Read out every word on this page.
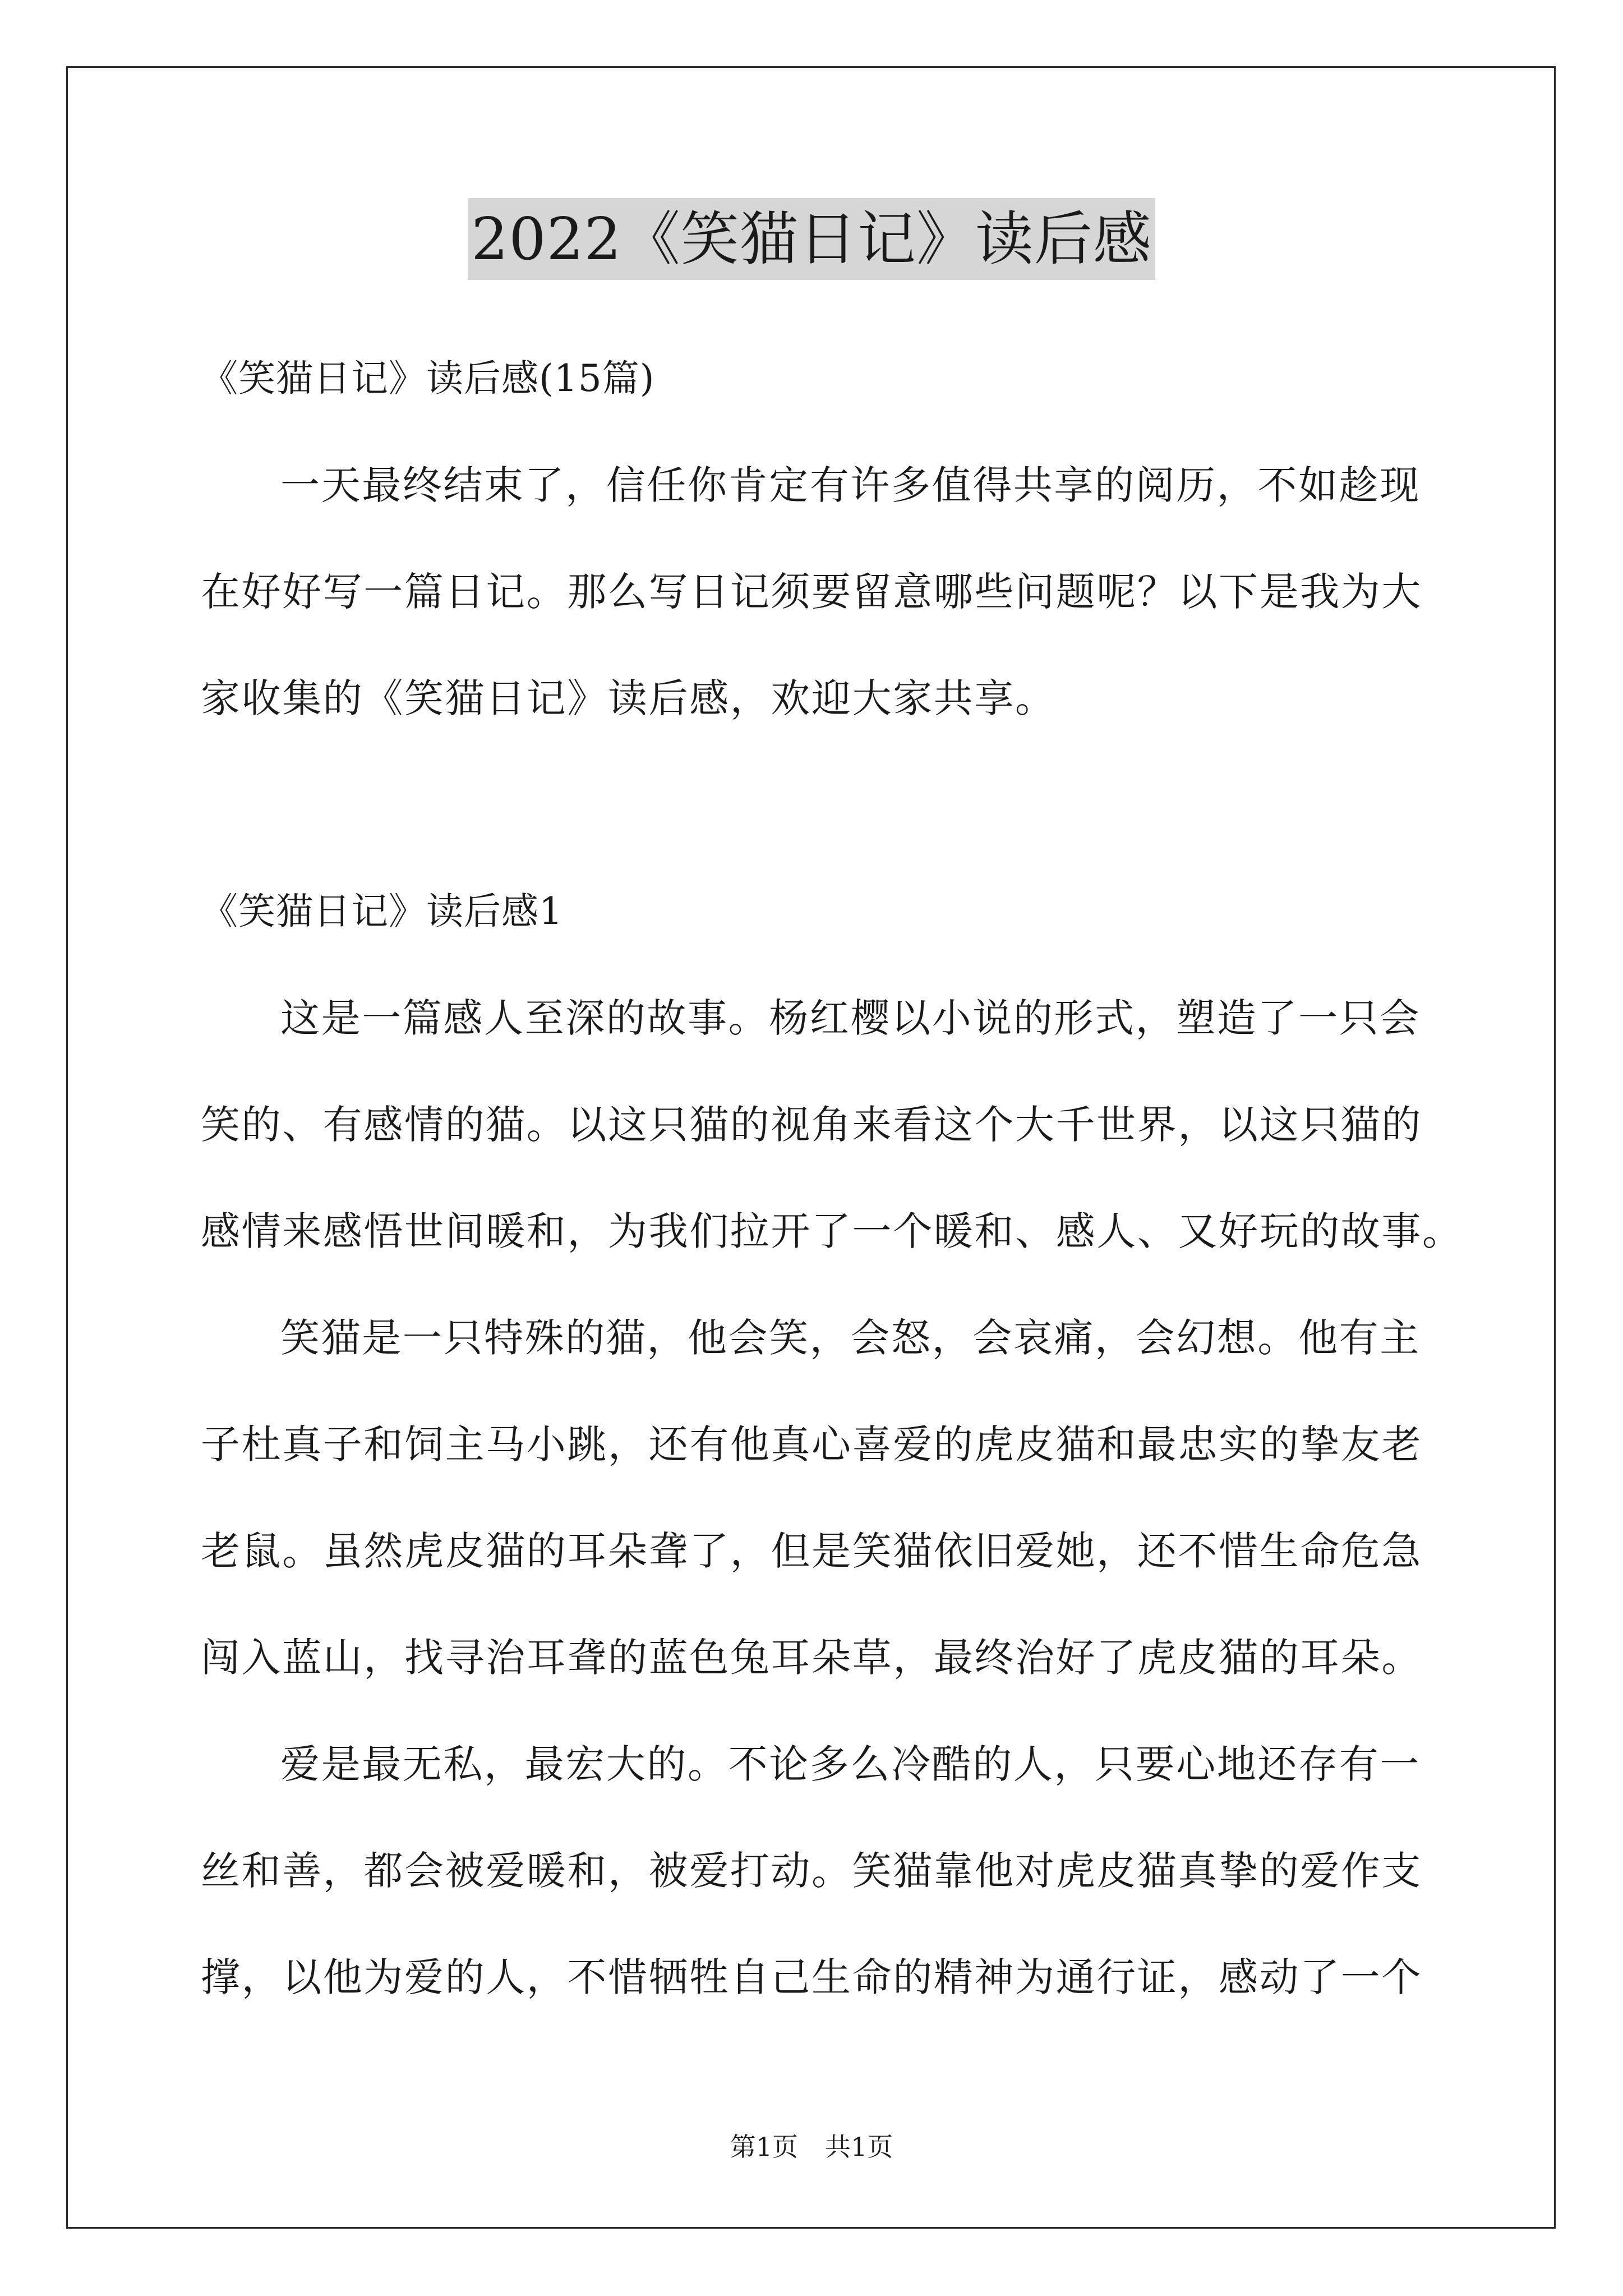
2022《笑猫日记》读后感
《笑猫日记》读后感(15篇)
一天最终结束了，信任你肯定有许多值得共享的阅历，不如趁现
在好好写一篇日记。那么写日记须要留意哪些问题呢？以下是我为大
家收集的《笑猫日记》读后感，欢迎大家共享。
《笑猫日记》读后感1
这是一篇感人至深的故事。杨红樱以小说的形式，塑造了一只会
笑的、有感情的猫。以这只猫的视角来看这个大千世界，以这只猫的
感情来感悟世间暖和，为我们拉开了一个暖和、感人、又好玩的故事。
笑猫是一只特殊的猫，他会笑，会怒，会哀痛，会幻想。他有主
子杜真子和饲主马小跳，还有他真心喜爱的虎皮猫和最忠实的挚友老
老鼠。虽然虎皮猫的耳朵聋了，但是笑猫依旧爱她，还不惜生命危急
闯入蓝山，找寻治耳聋的蓝色兔耳朵草，最终治好了虎皮猫的耳朵。
爱是最无私，最宏大的。不论多么冷酷的人，只要心地还存有一
丝和善，都会被爱暖和，被爱打动。笑猫靠他对虎皮猫真挚的爱作支
撑，以他为爱的人，不惜牺牲自己生命的精神为通行证，感动了一个
第1页 共1页
